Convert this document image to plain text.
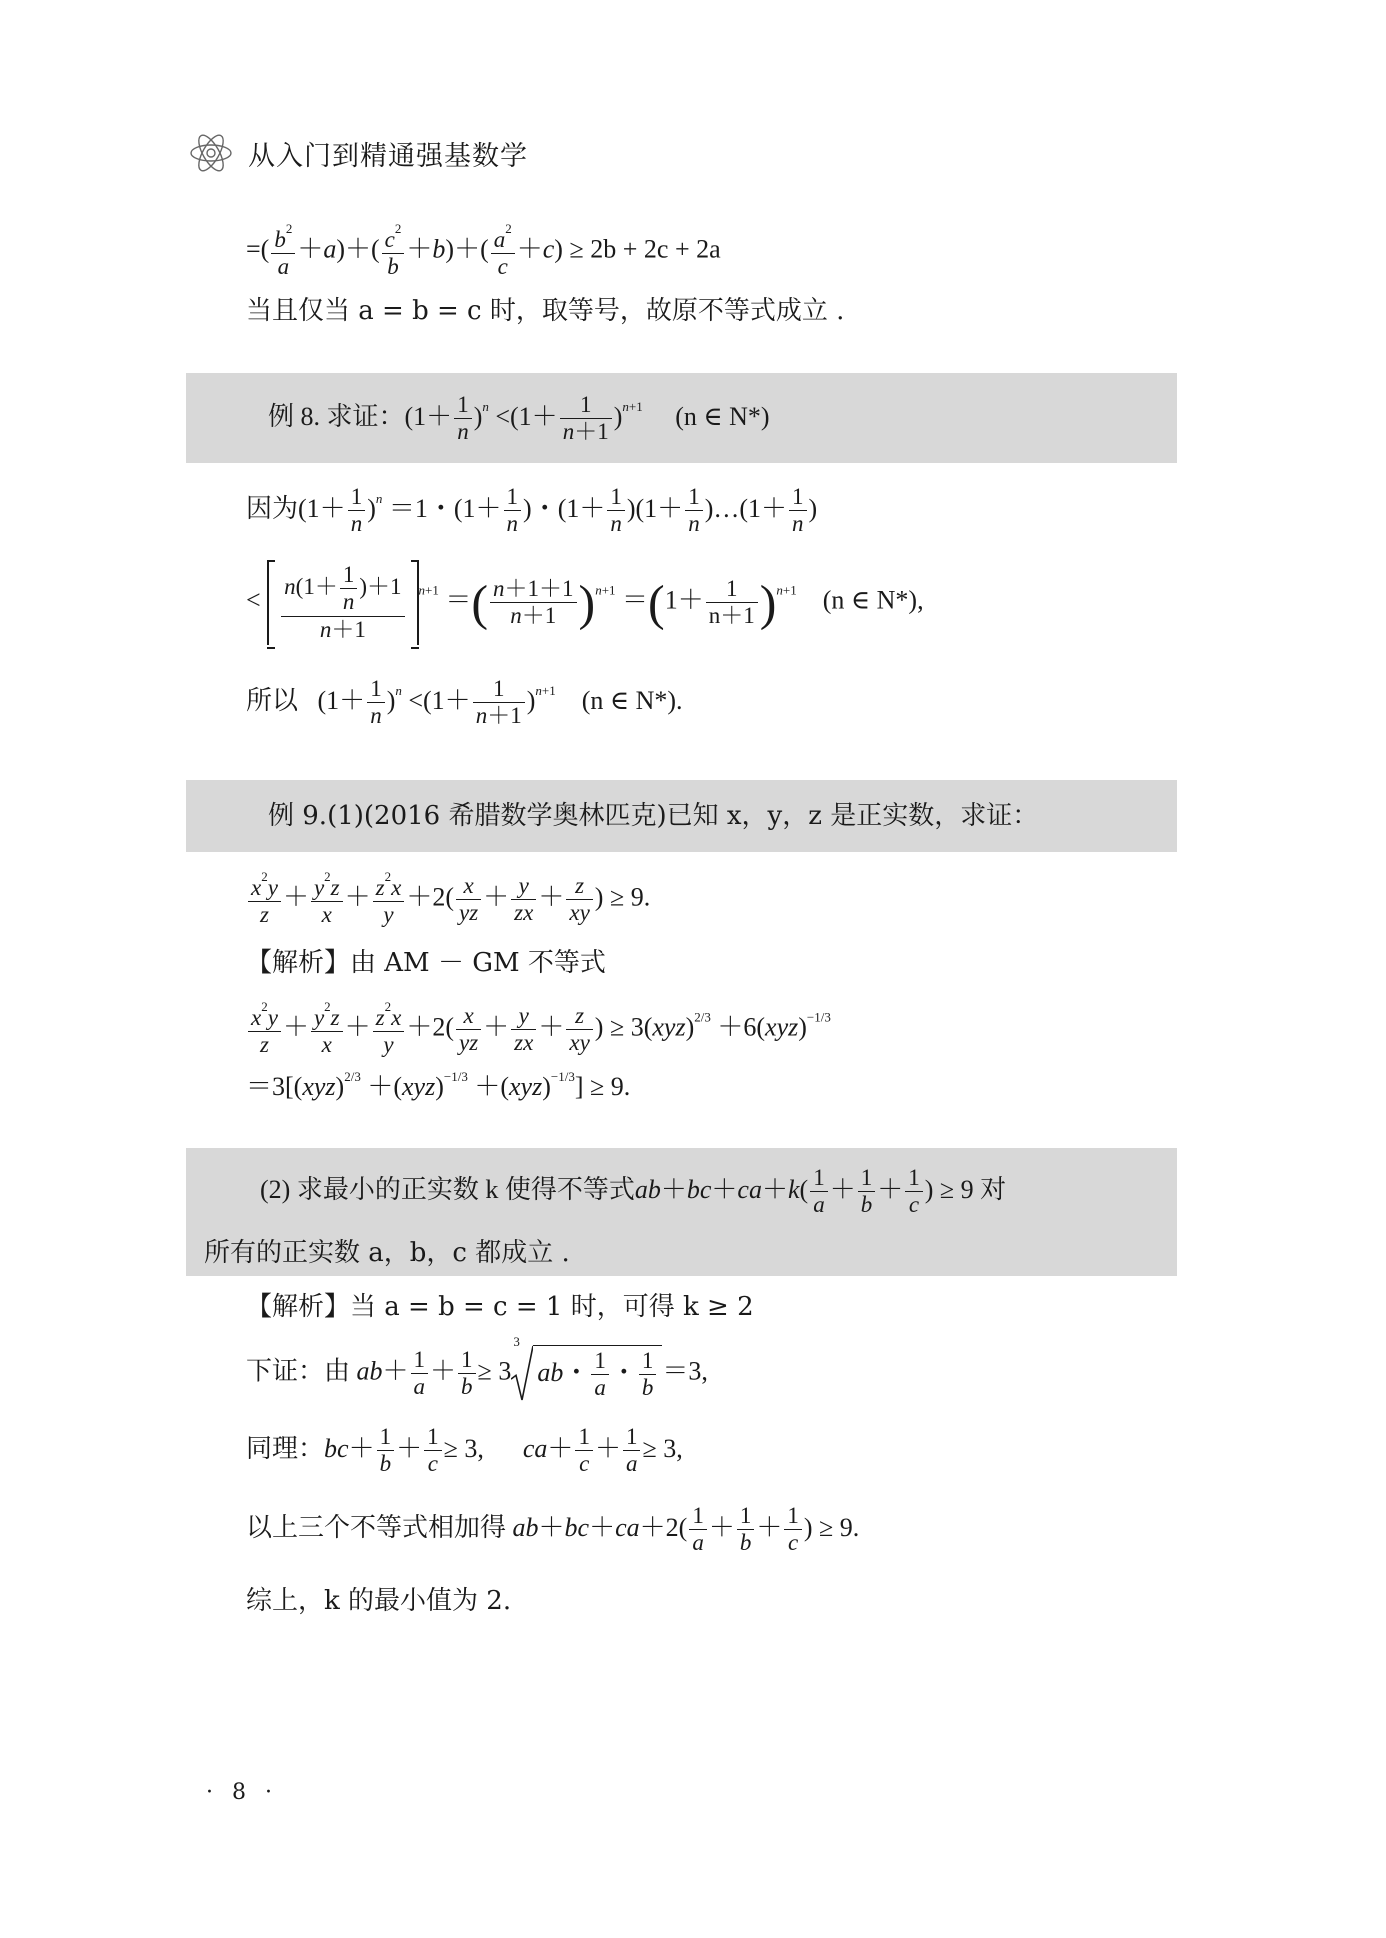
从入门到精通强基数学
=( $\frac{b^2}{a} +a)+( \frac{c^2}{b} +b)+( \frac{a^2}{c} +c) \ge 2b + 2c + 2a$
当且仅当 a = b = c 时，取等号，故原不等式成立 .
例 8. 求证：$(1+ \frac{1}{n} )^n <(1+ \frac{1}{n+1} )^{n+1}$ (n ∈ N*)
因为$(1+ \frac{1}{n} )^n =1$・($1+ \frac{1}{n}$ )・$(1+ \frac{1}{n} )(1+ \frac{1}{n}$ )…(1＋ $\frac{1}{n}$ )
< $\frac{n(1+ \frac{1}{n} )+1}{n+1} ^{n+1}$ ＝( $\frac{n+1+1}{n+1} )^{n+1} =(1+ \frac{1}{n+1} )^{n+1}$ (n ∈ N*),
所以   $(1+ \frac{1}{n} )^n <(1+ \frac{1}{n+1} )^{n+1}$ (n ∈ N*).
例 9.(1)(2016 希腊数学奥林匹克)已知 x，y，z 是正实数，求证：
$\frac{x^2y}{z} + \frac{y^2z}{x} + \frac{z^2x}{y} +2( \frac{x}{yz} + \frac{y}{zx} + \frac{z}{xy}$ ) ≥ 9.
【解析】由 AM － GM 不等式
$\frac{x^2y}{z} + \frac{y^2z}{x} + \frac{z^2x}{y} +2( \frac{x}{yz} + \frac{y}{zx} + \frac{z}{xy}$ ) ≥ 3(xyz)$^{2/3}$ ＋6(xyz)$^{-1/3}$
＝3[(xyz)$^{2/3}$ ＋(xyz)$^{-1/3}$ ＋(xyz)$^{-1/3}$] ≥ 9.
(2) 求最小的正实数 k 使得不等式$ab+bc+ca+k( \frac{1}{a} + \frac{1}{b} + \frac{1}{c}$ ) ≥ 9 对
所有的正实数 a，b，c 都成立 .
【解析】当 a = b = c = 1 时，可得 k ≥ 2
下证：由 $ab+ \frac{1}{a} + \frac{1}{b} \ge 3$
3
ab・ $\frac{1}{a}$ ・ $\frac{1}{b} =3$,
同理：$bc+ \frac{1}{b} + \frac{1}{c} \ge 3$,      $ca+ \frac{1}{c} + \frac{1}{a} \ge 3$,
以上三个不等式相加得 $ab+bc+ca+2( \frac{1}{a} + \frac{1}{b} + \frac{1}{c}$ ) ≥ 9.
综上，k 的最小值为 2.
· 8 ·
